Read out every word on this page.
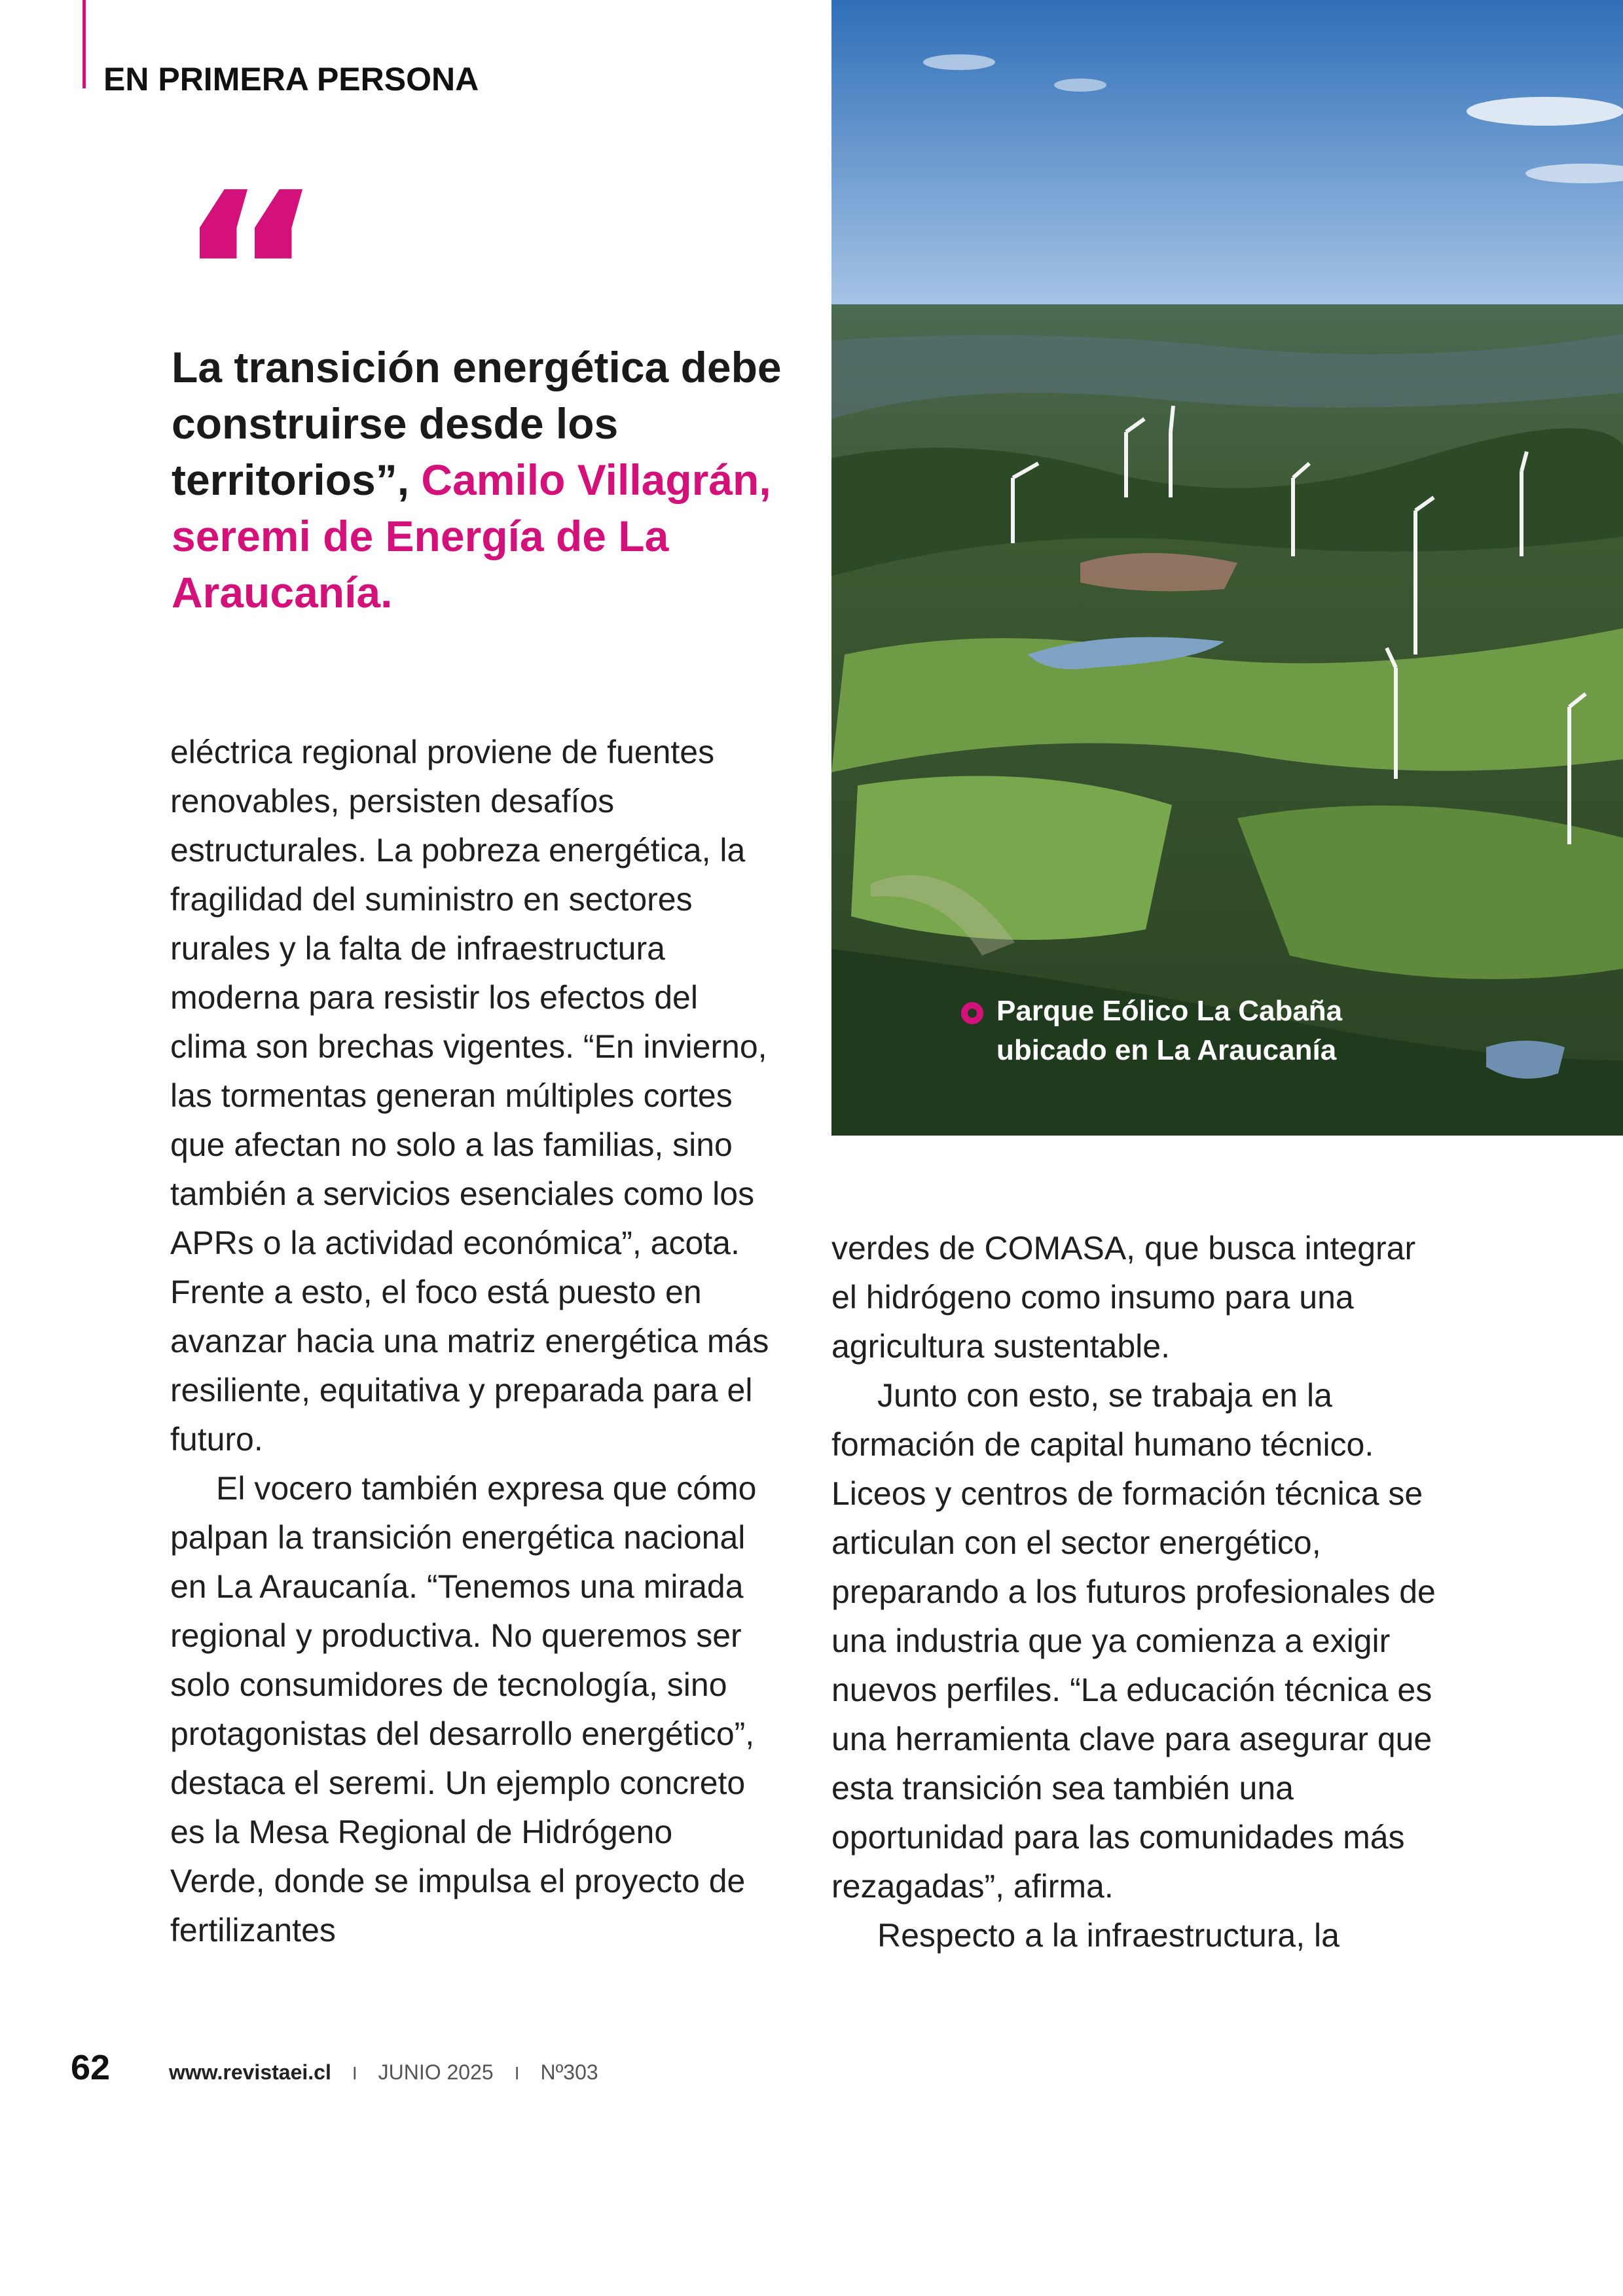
EN PRIMERA PERSONA
“
La transición energética debe construirse desde los territorios”, Camilo Villagrán, seremi de Energía de La Araucanía.
Parque Eólico La Cabaña ubicado en La Araucanía

eléctrica regional proviene de fuentes renovables, persisten desafíos estructurales. La pobreza energética, la fragilidad del suministro en sectores rurales y la falta de infraestructura moderna para resistir los efectos del clima son brechas vigentes. “En invierno, las tormentas generan múltiples cortes que afectan no solo a las familias, sino también a servicios esenciales como los APRs o la actividad económica”, acota. Frente a esto, el foco está puesto en avanzar hacia una matriz energética más resiliente, equitativa y preparada para el futuro.

El vocero también expresa que cómo palpan la transición energética nacional en La Araucanía. “Tenemos una mirada regional y productiva. No queremos ser solo consumidores de tecnología, sino protagonistas del desarrollo energético”, destaca el seremi. Un ejemplo concreto es la Mesa Regional de Hidrógeno Verde, donde se impulsa el proyecto de fertilizantes

verdes de COMASA, que busca integrar el hidrógeno como insumo para una agricultura sustentable.

Junto con esto, se trabaja en la formación de capital humano técnico. Liceos y centros de formación técnica se articulan con el sector energético, preparando a los futuros profesionales de una industria que ya comienza a exigir nuevos perfiles. “La educación técnica es una herramienta clave para asegurar que esta transición sea también una oportunidad para las comunidades más rezagadas”, afirma.

Respecto a la infraestructura, la

62	www.revistaei.cl I JUNIO 2025 I Nº303
